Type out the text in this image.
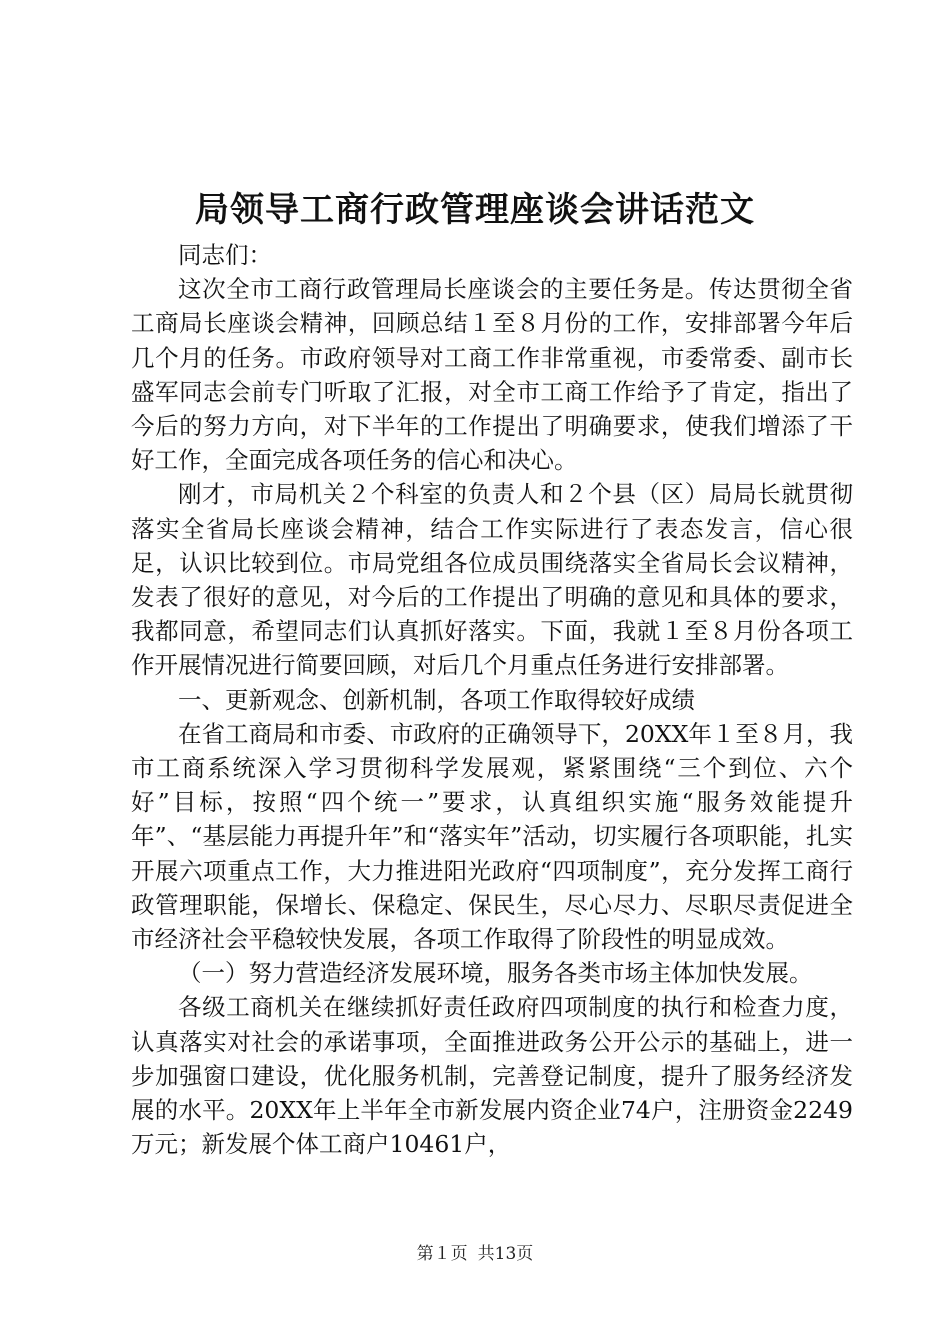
局领导工商行政管理座谈会讲话范文

同志们：

这次全市工商行政管理局长座谈会的主要任务是。传达贯彻全省工商局长座谈会精神，回顾总结１至８月份的工作，安排部署今年后几个月的任务。市政府领导对工商工作非常重视，市委常委、副市长盛军同志会前专门听取了汇报，对全市工商工作给予了肯定，指出了今后的努力方向，对下半年的工作提出了明确要求，使我们增添了干好工作，全面完成各项任务的信心和决心。

刚才，市局机关２个科室的负责人和２个县（区）局局长就贯彻落实全省局长座谈会精神，结合工作实际进行了表态发言，信心很足，认识比较到位。市局党组各位成员围绕落实全省局长会议精神，发表了很好的意见，对今后的工作提出了明确的意见和具体的要求，我都同意，希望同志们认真抓好落实。下面，我就１至８月份各项工作开展情况进行简要回顾，对后几个月重点任务进行安排部署。

一、更新观念、创新机制，各项工作取得较好成绩

在省工商局和市委、市政府的正确领导下，20XX年１至８月，我市工商系统深入学习贯彻科学发展观，紧紧围绕“三个到位、六个好”目标，按照“四个统一”要求，认真组织实施“服务效能提升年”、“基层能力再提升年”和“落实年”活动，切实履行各项职能，扎实开展六项重点工作，大力推进阳光政府“四项制度”，充分发挥工商行政管理职能，保增长、保稳定、保民生，尽心尽力、尽职尽责促进全市经济社会平稳较快发展，各项工作取得了阶段性的明显成效。

（一）努力营造经济发展环境，服务各类市场主体加快发展。

各级工商机关在继续抓好责任政府四项制度的执行和检查力度，认真落实对社会的承诺事项，全面推进政务公开公示的基础上，进一步加强窗口建设，优化服务机制，完善登记制度，提升了服务经济发展的水平。20XX年上半年全市新发展内资企业74户，注册资金2249万元；新发展个体工商户10461户，

第１页 共13页
